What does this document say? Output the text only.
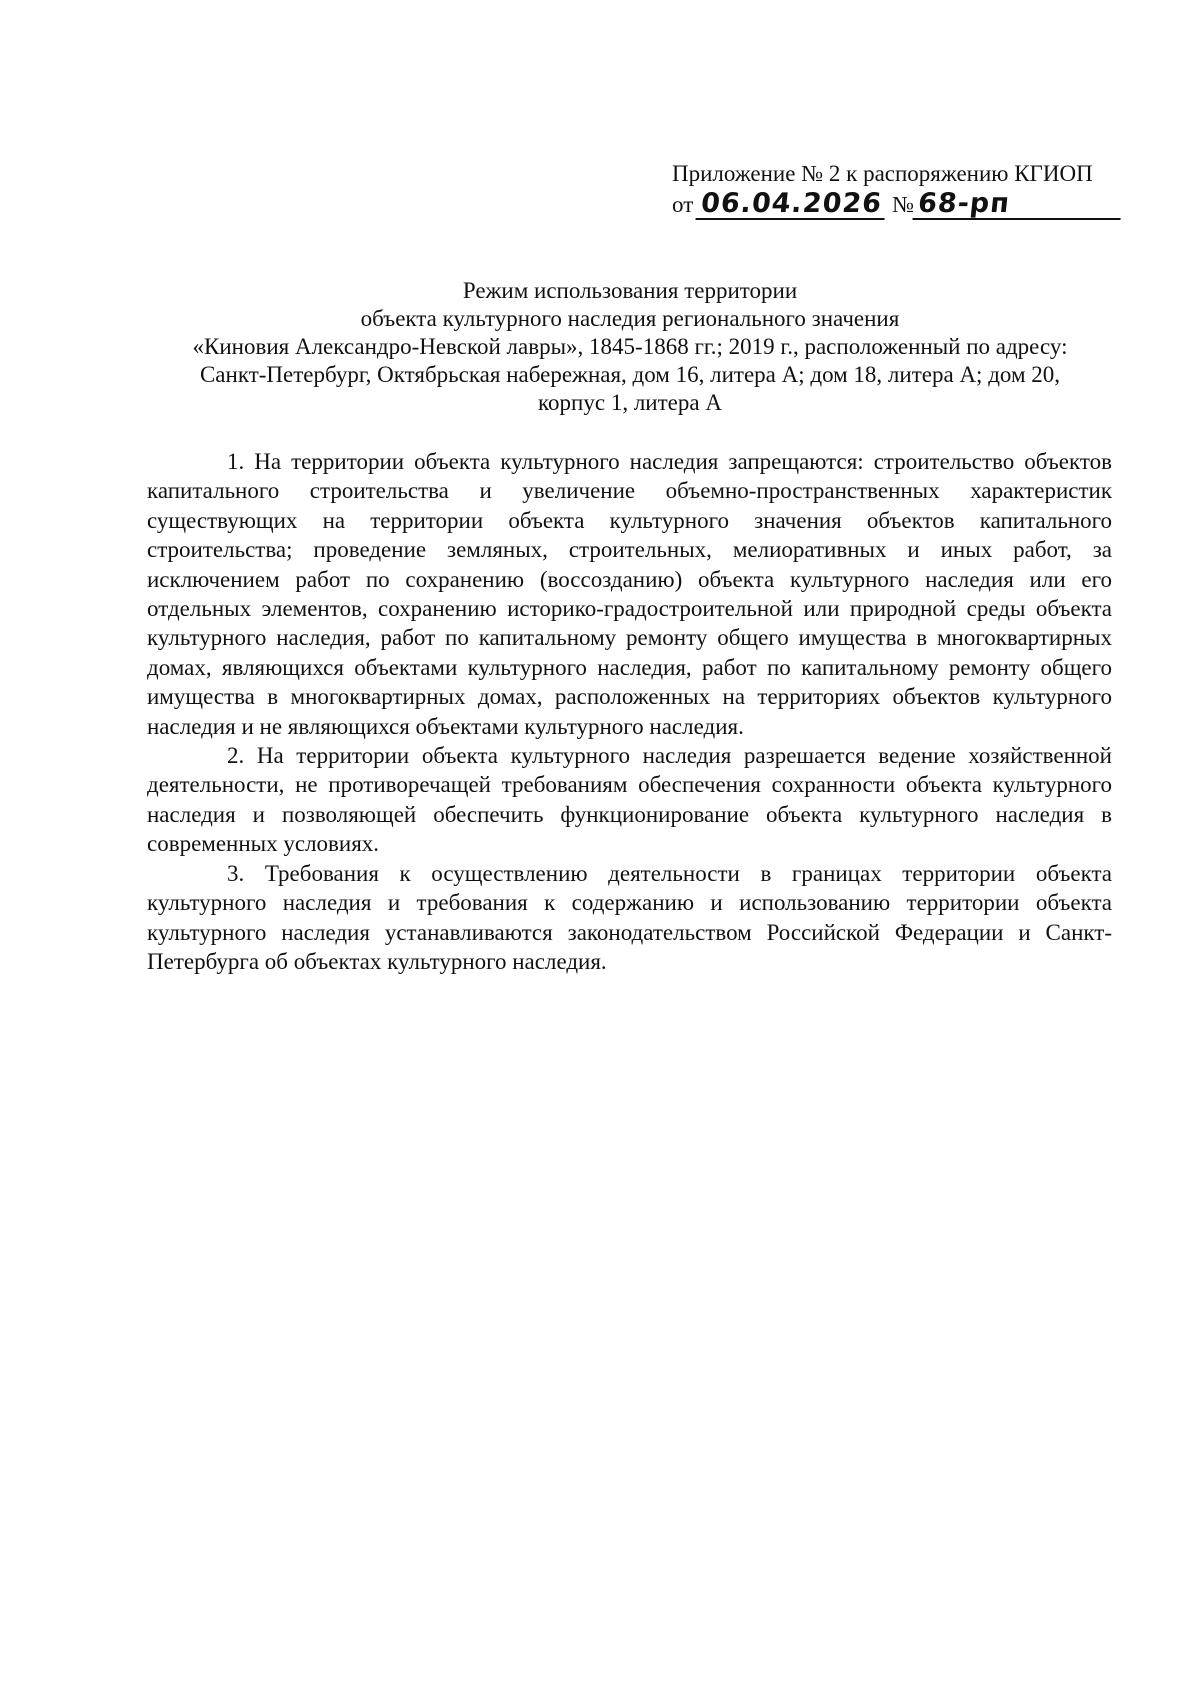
Приложение № 2 к распоряжению КГИОП
от 06.04.2026 №68-рп
Режим использования территории
объекта культурного наследия регионального значения
«Киновия Александро-Невской лавры», 1845-1868 гг.; 2019 г., расположенный по адресу:
Санкт-Петербург, Октябрьская набережная, дом 16, литера А; дом 18, литера А; дом 20,
корпус 1, литера А

1. На территории объекта культурного наследия запрещаются: строительство объектов капитального строительства и увеличение объемно-пространственных характеристик существующих на территории объекта культурного значения объектов капитального строительства; проведение земляных, строительных, мелиоративных и иных работ, за исключением работ по сохранению (воссозданию) объекта культурного наследия или его отдельных элементов, сохранению историко-градостроительной или природной среды объекта культурного наследия, работ по капитальному ремонту общего имущества в многоквартирных домах, являющихся объектами культурного наследия, работ по капитальному ремонту общего имущества в многоквартирных домах, расположенных на территориях объектов культурного наследия и не являющихся объектами культурного наследия.

2. На территории объекта культурного наследия разрешается ведение хозяйственной деятельности, не противоречащей требованиям обеспечения сохранности объекта культурного наследия и позволяющей обеспечить функционирование объекта культурного наследия в современных условиях.

3. Требования к осуществлению деятельности в границах территории объекта культурного наследия и требования к содержанию и использованию территории объекта культурного наследия устанавливаются законодательством Российской Федерации и Санкт-Петербурга об объектах культурного наследия.
